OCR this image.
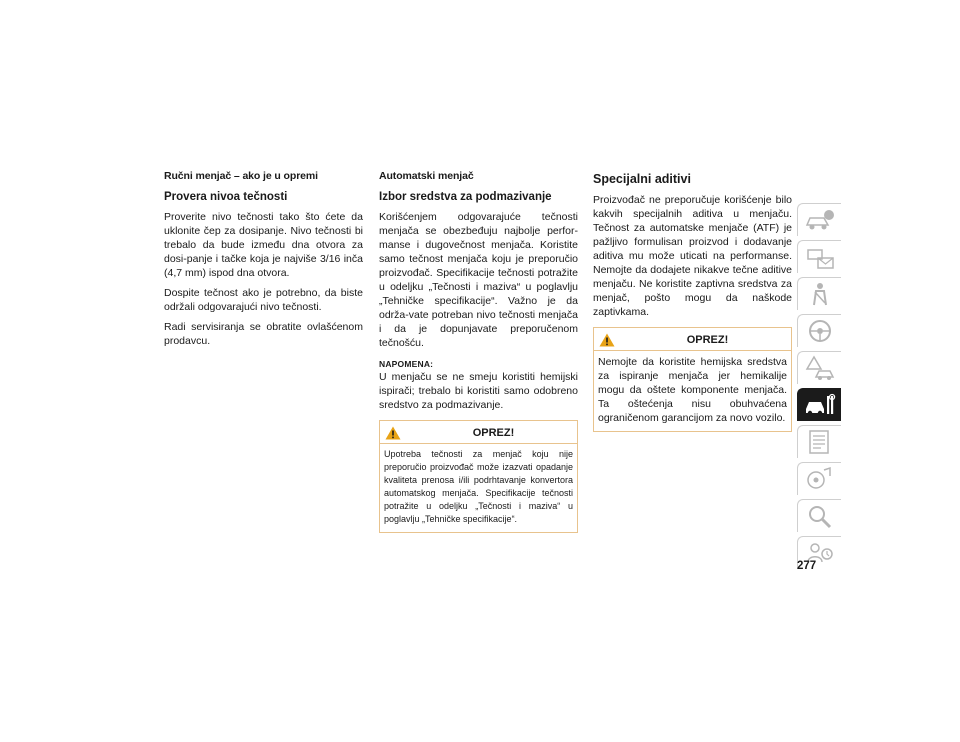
Ručni menjač – ako je u opremi
Provera nivoa tečnosti

Proverite nivo tečnosti tako što ćete da uklonite čep za dosipanje. Nivo tečnosti bi trebalo da bude između dna otvora za dosi-panje i tačke koja je najviše 3/16 inča (4,7 mm) ispod dna otvora.

Dospite tečnost ako je potrebno, da biste održali odgovarajući nivo tečnosti.

Radi servisiranja se obratite ovlašćenom prodavcu.

Automatski menjač
Izbor sredstva za podmazivanje

Korišćenjem odgovarajuće tečnosti menjača se obezbeđuju najbolje perfor-manse i dugovečnost menjača. Koristite samo tečnost menjača koju je preporučio proizvođač. Specifikacije tečnosti potražite u odeljku „Tečnosti i maziva“ u poglavlju „Tehničke specifikacije“. Važno je da održa-vate potreban nivo tečnosti menjača i da je dopunjavate preporučenom tečnošću.

NAPOMENA:

U menjaču se ne smeju koristiti hemijski ispirači; trebalo bi koristiti samo odobreno sredstvo za podmazivanje.

OPREZ!

Upotreba tečnosti za menjač koju nije preporučio proizvođač može izazvati opadanje kvaliteta prenosa i/ili podrhtavanje konvertora automatskog menjača. Specifikacije tečnosti potražite u odeljku „Tečnosti i maziva“ u poglavlju „Tehničke specifikacije“.

Specijalni aditivi

Proizvođač ne preporučuje korišćenje bilo kakvih specijalnih aditiva u menjaču. Tečnost za automatske menjače (ATF) je pažljivo formulisan proizvod i dodavanje aditiva mu može uticati na performanse. Nemojte da dodajete nikakve tečne aditive menjaču. Ne koristite zaptivna sredstva za menjač, pošto mogu da naškode zaptivkama.

OPREZ!

Nemojte da koristite hemijska sredstva za ispiranje menjača jer hemikalije mogu da oštete komponente menjača. Ta oštećenja nisu obuhvaćena ograničenom garancijom za novo vozilo.

277
